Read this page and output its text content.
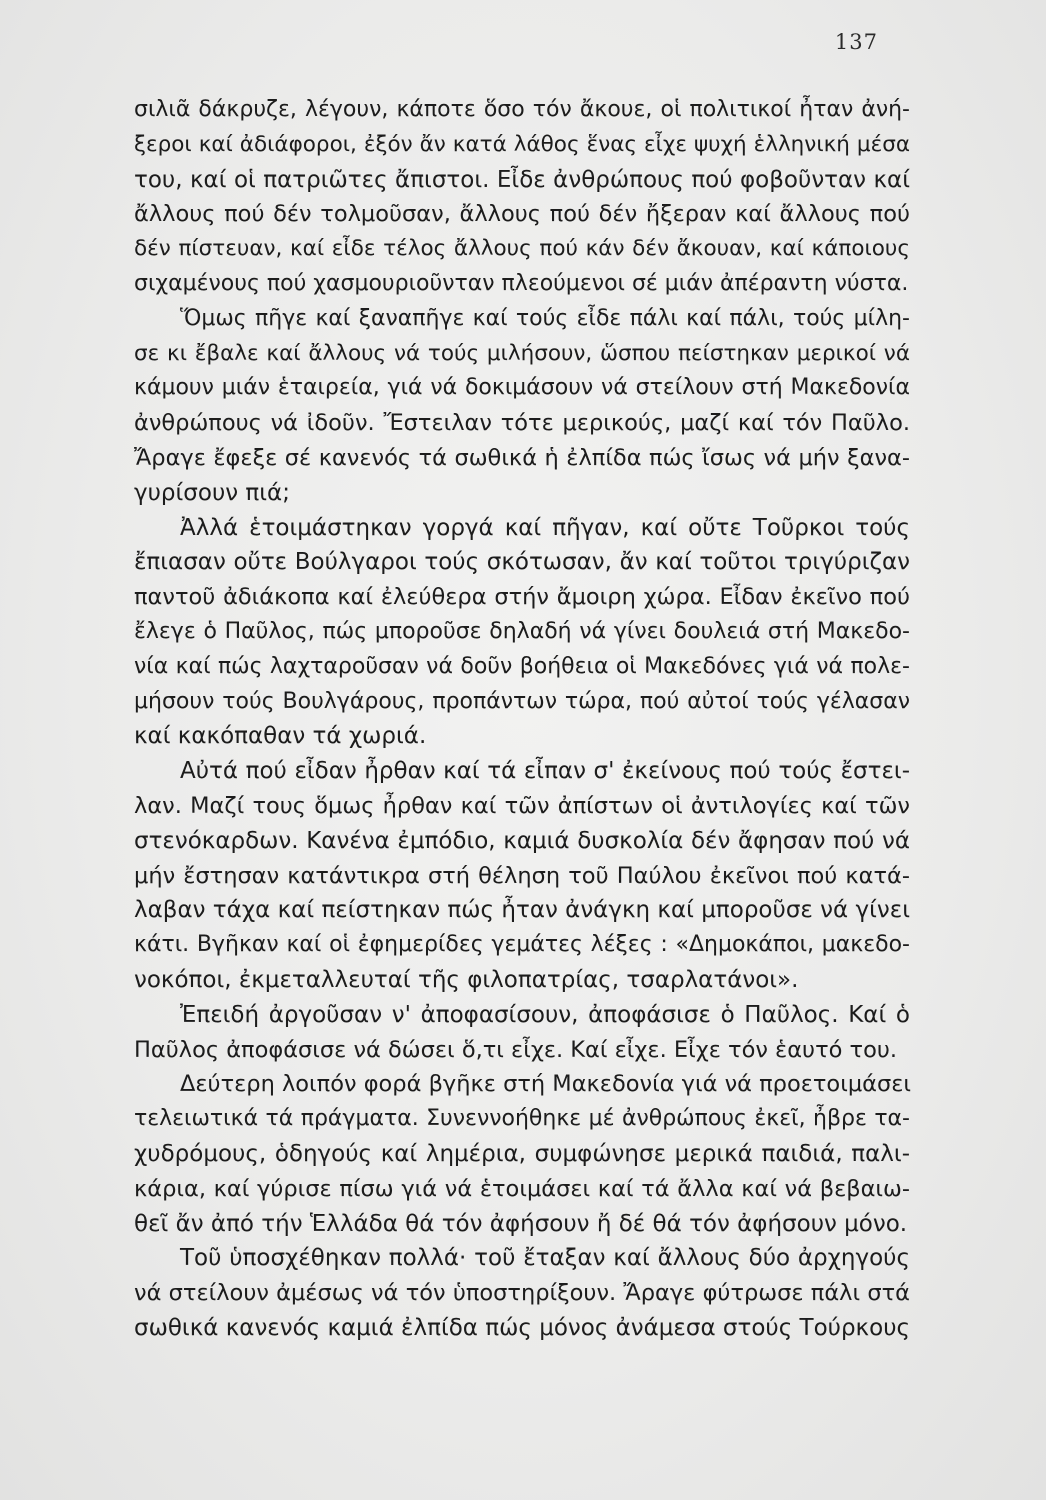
137
σιλιᾶ δάκρυζε, λέγουν, κάποτε ὅσο τόν ἄκουε, οἱ πολιτικοί ἦταν ἀνή-
ξεροι καί ἀδιάφοροι, ἐξόν ἄν κατά λάθος ἕνας εἶχε ψυχή ἑλληνική μέσα
του, καί οἱ πατριῶτες ἄπιστοι. Εἶδε ἀνθρώπους πού φοβοῦνταν καί
ἄλλους πού δέν τολμοῦσαν, ἄλλους πού δέν ἤξεραν καί ἄλλους πού
δέν πίστευαν, καί εἶδε τέλος ἄλλους πού κάν δέν ἄκουαν, καί κάποιους
σιχαμένους πού χασμουριοῦνταν πλεούμενοι σέ μιάν ἀπέραντη νύστα.
Ὅμως πῆγε καί ξαναπῆγε καί τούς εἶδε πάλι καί πάλι, τούς μίλη-
σε κι ἔβαλε καί ἄλλους νά τούς μιλήσουν, ὥσπου πείστηκαν μερικοί νά
κάμουν μιάν ἑταιρεία, γιά νά δοκιμάσουν νά στείλουν στή Μακεδονία
ἀνθρώπους νά ἰδοῦν. Ἔστειλαν τότε μερικούς, μαζί καί τόν Παῦλο.
Ἄραγε ἔφεξε σέ κανενός τά σωθικά ἡ ἐλπίδα πώς ἴσως νά μήν ξανα-
γυρίσουν πιά;
Ἀλλά ἑτοιμάστηκαν γοργά καί πῆγαν, καί οὔτε Τοῦρκοι τούς
ἔπιασαν οὔτε Βούλγαροι τούς σκότωσαν, ἄν καί τοῦτοι τριγύριζαν
παντοῦ ἀδιάκοπα καί ἐλεύθερα στήν ἄμοιρη χώρα. Εἶδαν ἐκεῖνο πού
ἔλεγε ὁ Παῦλος, πώς μποροῦσε δηλαδή νά γίνει δουλειά στή Μακεδο-
νία καί πώς λαχταροῦσαν νά δοῦν βοήθεια οἱ Μακεδόνες γιά νά πολε-
μήσουν τούς Βουλγάρους, προπάντων τώρα, πού αὐτοί τούς γέλασαν
καί κακόπαθαν τά χωριά.
Αὐτά πού εἶδαν ἦρθαν καί τά εἶπαν σ' ἐκείνους πού τούς ἔστει-
λαν. Μαζί τους ὅμως ἦρθαν καί τῶν ἀπίστων οἱ ἀντιλογίες καί τῶν
στενόκαρδων. Κανένα ἐμπόδιο, καμιά δυσκολία δέν ἄφησαν πού νά
μήν ἔστησαν κατάντικρα στή θέληση τοῦ Παύλου ἐκεῖνοι πού κατά-
λαβαν τάχα καί πείστηκαν πώς ἦταν ἀνάγκη καί μποροῦσε νά γίνει
κάτι. Βγῆκαν καί οἱ ἐφημερίδες γεμάτες λέξες : «Δημοκάποι, μακεδο-
νοκόποι, ἐκμεταλλευταί τῆς φιλοπατρίας, τσαρλατάνοι».
Ἐπειδή ἀργοῦσαν ν' ἀποφασίσουν, ἀποφάσισε ὁ Παῦλος. Καί ὁ
Παῦλος ἀποφάσισε νά δώσει ὅ,τι εἶχε. Καί εἶχε. Εἶχε τόν ἑαυτό του.
Δεύτερη λοιπόν φορά βγῆκε στή Μακεδονία γιά νά προετοιμάσει
τελειωτικά τά πράγματα. Συνεννοήθηκε μέ ἀνθρώπους ἐκεῖ, ἦβρε τα-
χυδρόμους, ὁδηγούς καί λημέρια, συμφώνησε μερικά παιδιά, παλι-
κάρια, καί γύρισε πίσω γιά νά ἑτοιμάσει καί τά ἄλλα καί νά βεβαιω-
θεῖ ἄν ἀπό τήν Ἑλλάδα θά τόν ἀφήσουν ἤ δέ θά τόν ἀφήσουν μόνο.
Τοῦ ὑποσχέθηκαν πολλά· τοῦ ἔταξαν καί ἄλλους δύο ἀρχηγούς
νά στείλουν ἀμέσως νά τόν ὑποστηρίξουν. Ἄραγε φύτρωσε πάλι στά
σωθικά κανενός καμιά ἐλπίδα πώς μόνος ἀνάμεσα στούς Τούρκους
